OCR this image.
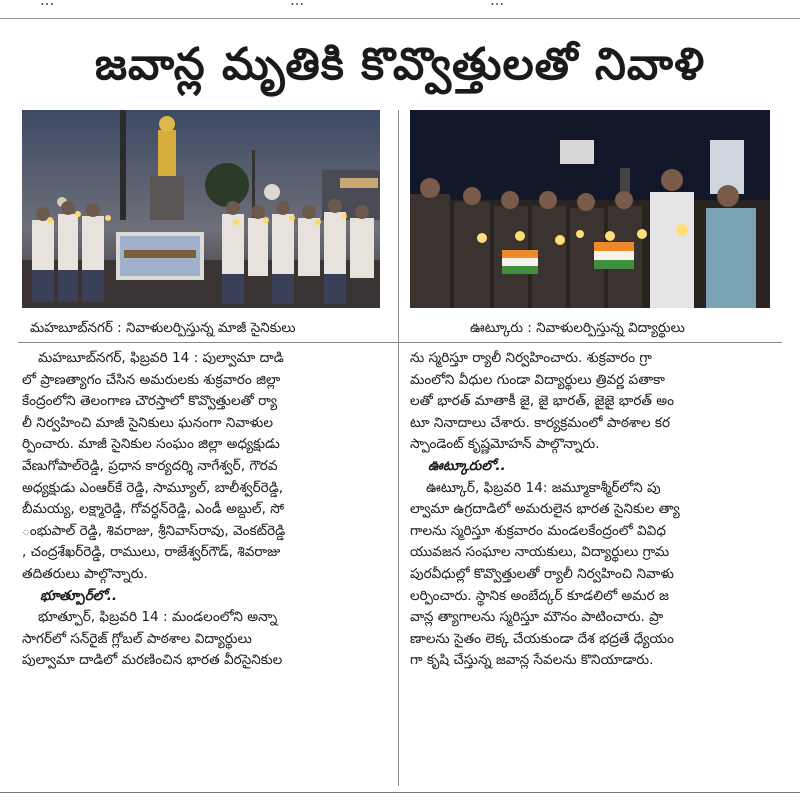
...	...	...
జవాన్ల మృతికి కొవ్వొత్తులతో నివాళి
మహబూబ్‌నగర్ : నివాళులర్పిస్తున్న మాజీ సైనికులు	ఊట్కూరు : నివాళులర్పిస్తున్న విద్యార్థులు

మహబూబ్‌నగర్, ఫిబ్రవరి 14 : పుల్వామా దాడి

లో ప్రాణత్యాగం చేసిన అమరులకు శుక్రవారం జిల్లా

కేంద్రంలోని తెలంగాణ చౌరస్తాలో కొవ్వొత్తులతో ర్యా

లీ నిర్వహించి మాజీ సైనికులు ఘనంగా నివాళుల

ర్పించారు. మాజీ సైనికుల సంఘం జిల్లా అధ్యక్షుడు

వేణుగోపాల్‌రెడ్డి, ప్రధాన కార్యదర్శి నాగేశ్వర్, గౌరవ

అధ్యక్షుడు ఎంఆర్‌కే రెడ్డి, సామ్యూల్, బాలీశ్వర్‌రెడ్డి,

బీమయ్య, లక్ష్మారెడ్డి, గోవర్ధన్‌రెడ్డి, ఎండీ అబ్దుల్, సో

ంభుపాల్ రెడ్డి, శివరాజు, శ్రీనివాస్‌రావు, వెంకట్‌రెడ్డి

, చంద్రశేఖర్‌రెడ్డి, రాములు, రాజేశ్వర్‌గౌడ్, శివరాజు

తదితరులు పాల్గొన్నారు.

భూత్పూర్‌లో..

భూత్పూర్, ఫిబ్రవరి 14 : మండలంలోని అన్నా

సాగర్‌లో సన్‌రైజ్ గ్లోబల్ పాఠశాల విద్యార్థులు

పుల్వామా దాడిలో మరణించిన భారత వీరసైనికుల

ను స్మరిస్తూ ర్యాలీ నిర్వహించారు. శుక్రవారం గ్రా

మంలోని వీధుల గుండా విద్యార్థులు త్రివర్ణ పతాకా

లతో భారత్ మాతాకీ జై, జై భారత్, జైజై భారత్ అం

టూ నినాదాలు చేశారు. కార్యక్రమంలో పాఠశాల కర

స్పాండెంట్ కృష్ణమోహన్ పాల్గొన్నారు.

ఊట్కూరులో..

ఊట్కూర్, ఫిబ్రవరి 14: జమ్మూకాశ్మీర్‌లోని పు

ల్వామా ఉగ్రదాడిలో అమరులైన భారత సైనికుల త్యా

గాలను స్మరిస్తూ శుక్రవారం మండలకేంద్రంలో వివిధ

యువజన సంఘాల నాయకులు, విద్యార్థులు గ్రామ

పురవీధుల్లో కొవ్వొత్తులతో ర్యాలీ నిర్వహించి నివాళు

లర్పించారు. స్థానిక అంబేద్కర్ కూడలిలో అమర జ

వాన్ల త్యాగాలను స్మరిస్తూ మౌనం పాటించారు. ప్రా

ణాలను సైతం లెక్క చేయకుండా దేశ భద్రతే ధ్యేయం

గా కృషి చేస్తున్న జవాన్ల సేవలను కొనియాడారు.
